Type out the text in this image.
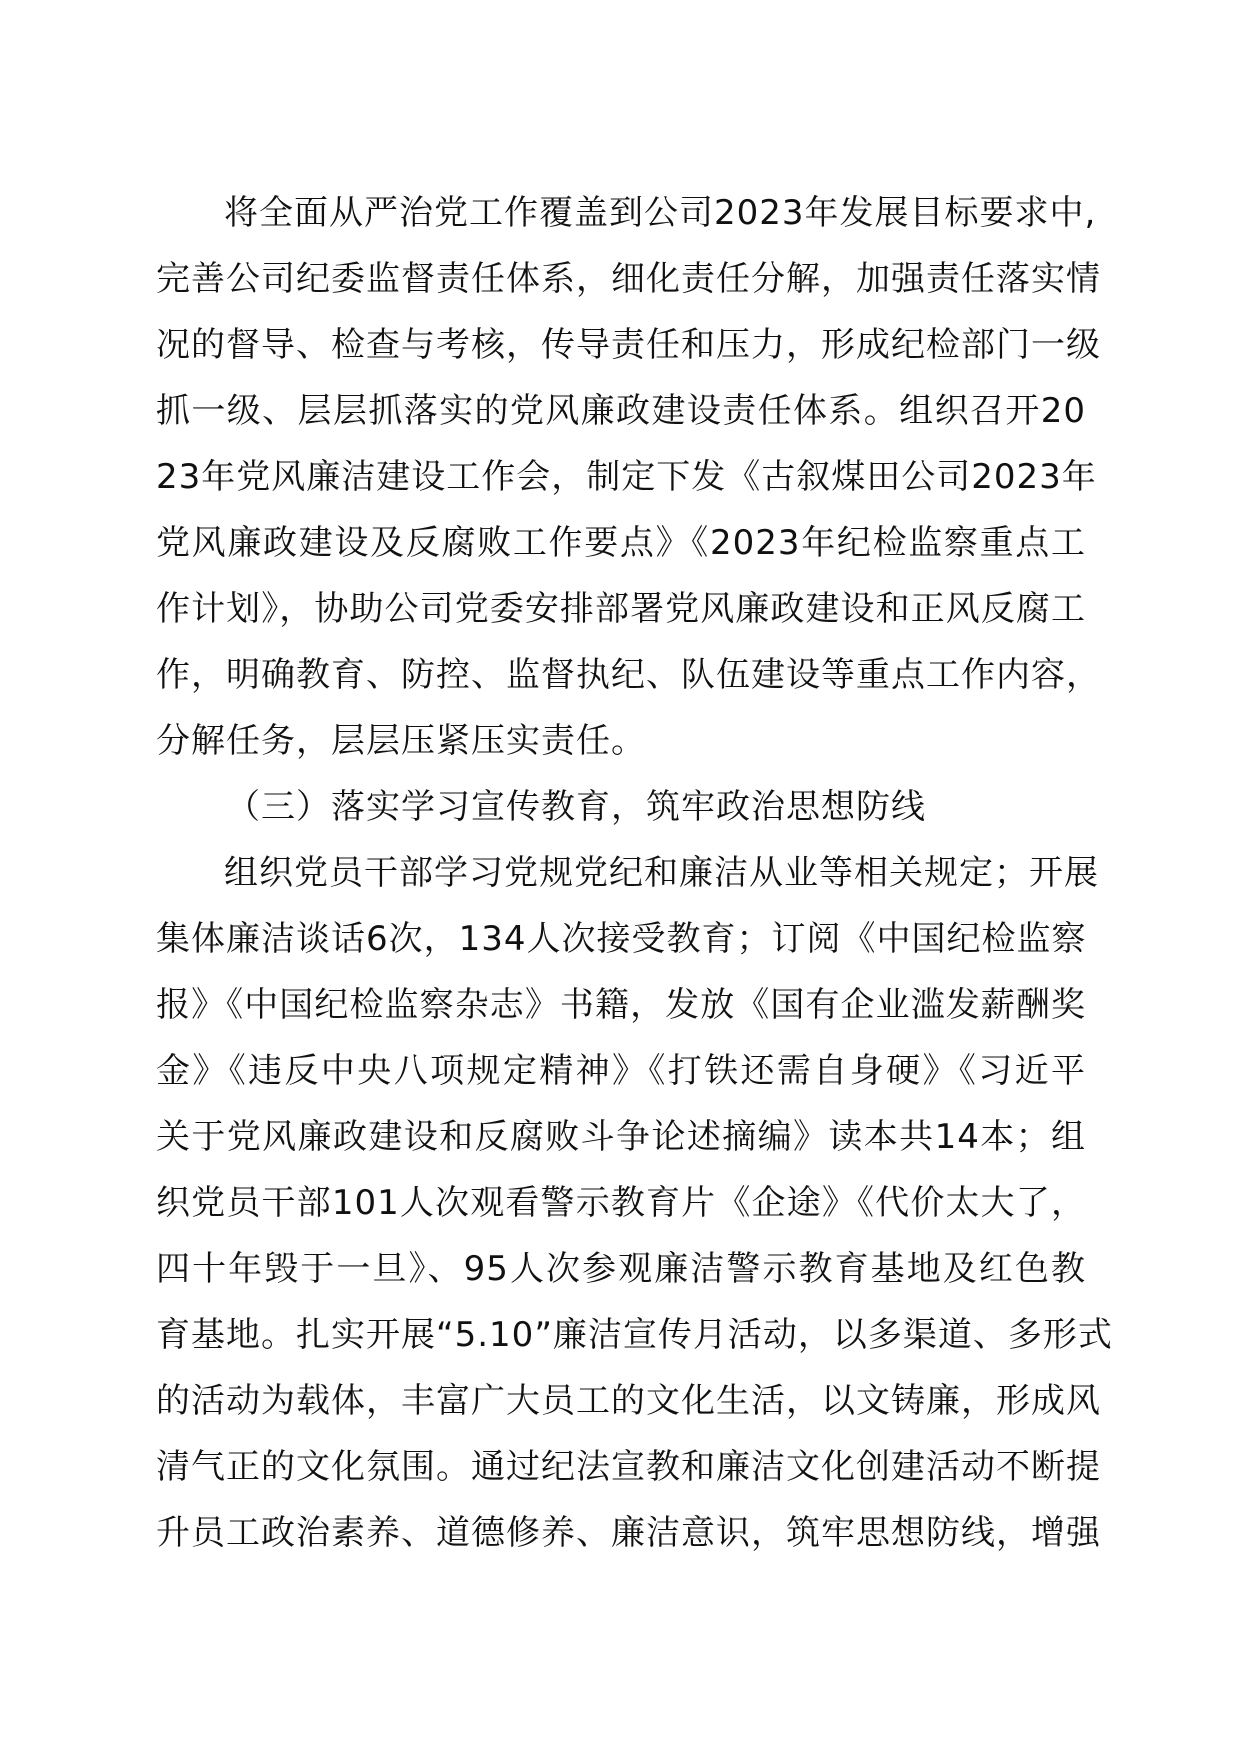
将全面从严治党工作覆盖到公司2023年发展目标要求中,
完善公司纪委监督责任体系，细化责任分解，加强责任落实情
况的督导、检查与考核，传导责任和压力，形成纪检部门一级
抓一级、层层抓落实的党风廉政建设责任体系。组织召开20
23年党风廉洁建设工作会，制定下发《古叙煤田公司2023年
党风廉政建设及反腐败工作要点》《2023年纪检监察重点工
作计划》，协助公司党委安排部署党风廉政建设和正风反腐工
作，明确教育、防控、监督执纪、队伍建设等重点工作内容，
分解任务，层层压紧压实责任。
（三）落实学习宣传教育，筑牢政治思想防线
组织党员干部学习党规党纪和廉洁从业等相关规定；开展
集体廉洁谈话6次，134人次接受教育；订阅《中国纪检监察
报》《中国纪检监察杂志》书籍，发放《国有企业滥发薪酬奖
金》《违反中央八项规定精神》《打铁还需自身硬》《习近平
关于党风廉政建设和反腐败斗争论述摘编》读本共14本；组
织党员干部101人次观看警示教育片《企途》《代价太大了，
四十年毁于一旦》、95人次参观廉洁警示教育基地及红色教
育基地。扎实开展“5.10”廉洁宣传月活动，以多渠道、多形式
的活动为载体，丰富广大员工的文化生活，以文铸廉，形成风
清气正的文化氛围。通过纪法宣教和廉洁文化创建活动不断提
升员工政治素养、道德修养、廉洁意识，筑牢思想防线，增强
